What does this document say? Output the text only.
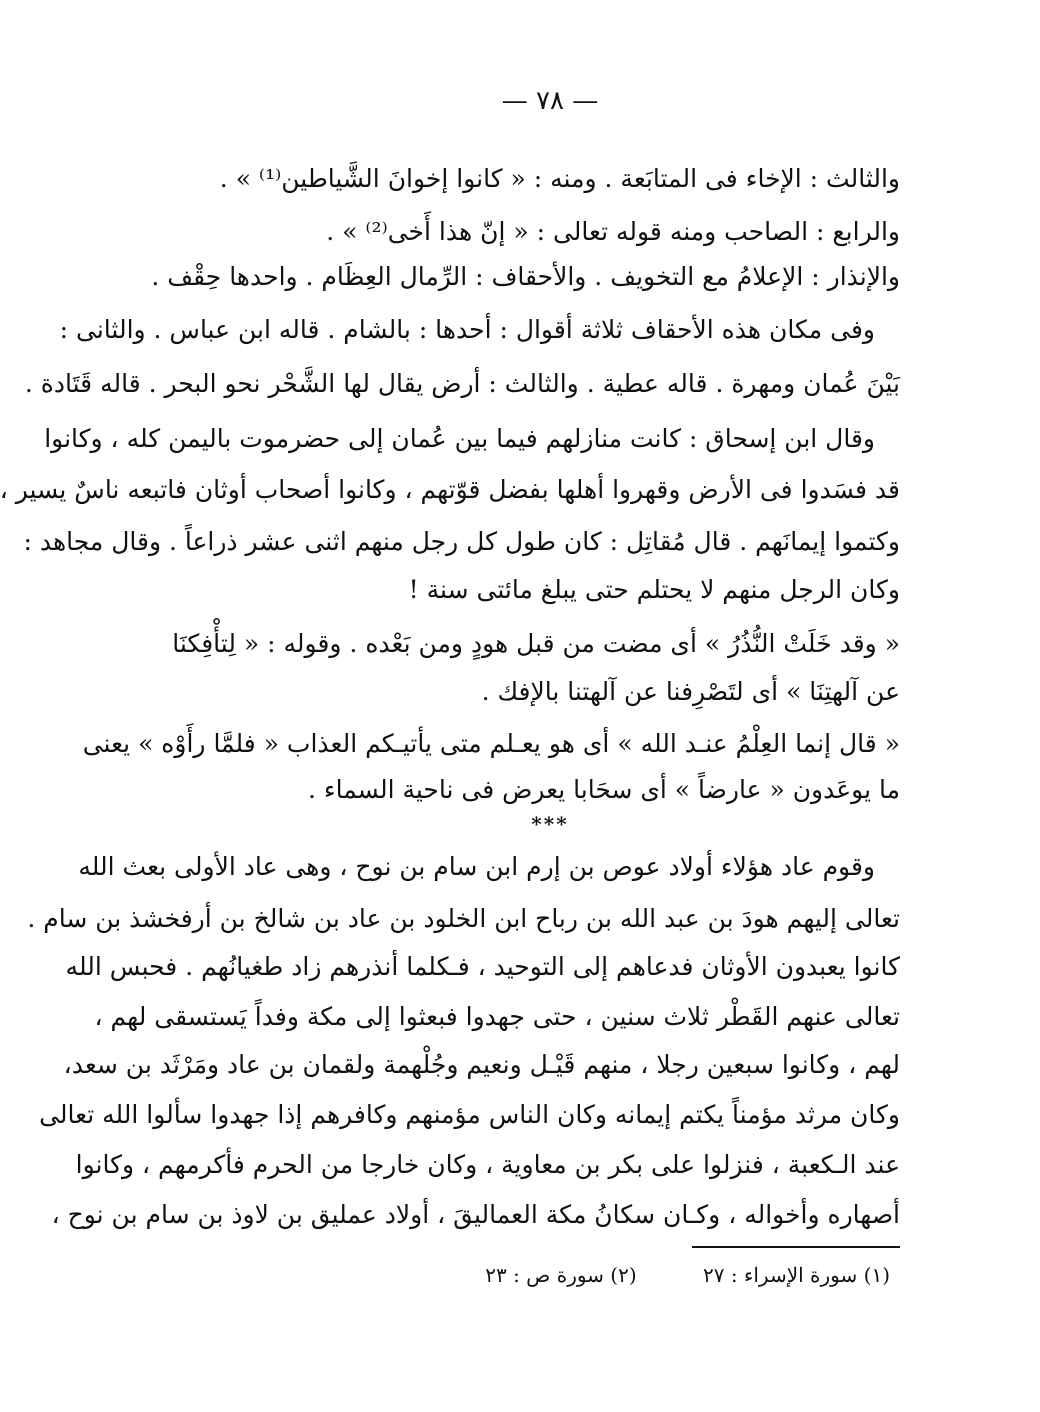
— ٧٨ —
والثالث : الإخاء فى المتابَعة . ومنه : « كانوا إخوانَ الشَّياطين⁽¹⁾ » .
والرابع : الصاحب ومنه قوله تعالى : « إنّ هذا أَخى⁽²⁾ » .
والإنذار : الإعلامُ مع التخويف . والأحقاف : الرِّمال العِظَام . واحدها حِقْف .
وفى مكان هذه الأحقاف ثلاثة أقوال : أحدها : بالشام . قاله ابن عباس . والثانى :
بَيْنَ عُمان ومهرة . قاله عطية . والثالث : أرض يقال لها الشَّحْر نحو البحر . قاله قَتَادة .
وقال ابن إسحاق : كانت منازلهم فيما بين عُمان إلى حضرموت باليمن كله ، وكانوا
قد فسَدوا فى الأرض وقهروا أهلها بفضل قوّتهم ، وكانوا أصحاب أوثان فاتبعه ناسٌ يسير ،
وكتموا إيمانَهم . قال مُقاتِل : كان طول كل رجل منهم اثنى عشر ذراعاً . وقال مجاهد :
وكان الرجل منهم لا يحتلم حتى يبلغ مائتى سنة !
« وقد خَلَتْ النُّذُرُ » أى مضت من قبل هودٍ ومن بَعْده . وقوله : « لِتأْفِكنَا
عن آلهتِنَا » أى لتَصْرِفنا عن آلهتنا بالإفك .
« قال إنما العِلْمُ عنـد الله » أى هو يعـلم متى يأتيـكم العذاب « فلمَّا رأَوْه » يعنى
ما يوعَدون « عارضاً » أى سحَابا يعرض فى ناحية السماء .
***
وقوم عاد هؤلاء أولاد عوص بن إرم ابن سام بن نوح ، وهى عاد الأولى بعث الله
تعالى إليهم هودَ بن عبد الله بن رباح ابن الخلود بن عاد بن شالخ بن أرفخشذ بن سام .
كانوا يعبدون الأوثان فدعاهم إلى التوحيد ، فـكلما أنذرهم زاد طغيانُهم . فحبس الله
تعالى عنهم القَطْر ثلاث سنين ، حتى جهدوا فبعثوا إلى مكة وفداً يَستسقى لهم ،
لهم ، وكانوا سبعين رجلا ، منهم قَيْـل ونعيم وجُلْهمة ولقمان بن عاد ومَرْثَد بن سعد،
وكان مرثد مؤمناً يكتم إيمانه وكان الناس مؤمنهم وكافرهم إذا جهدوا سألوا الله تعالى
عند الـكعبة ، فنزلوا على بكر بن معاوية ، وكان خارجا من الحرم فأكرمهم ، وكانوا
أصهاره وأخواله ، وكـان سكانُ مكة العماليقَ ، أولاد عمليق بن لاوذ بن سام بن نوح ،
(١) سورة الإسراء : ٢٧ (٢) سورة ص : ٢٣
